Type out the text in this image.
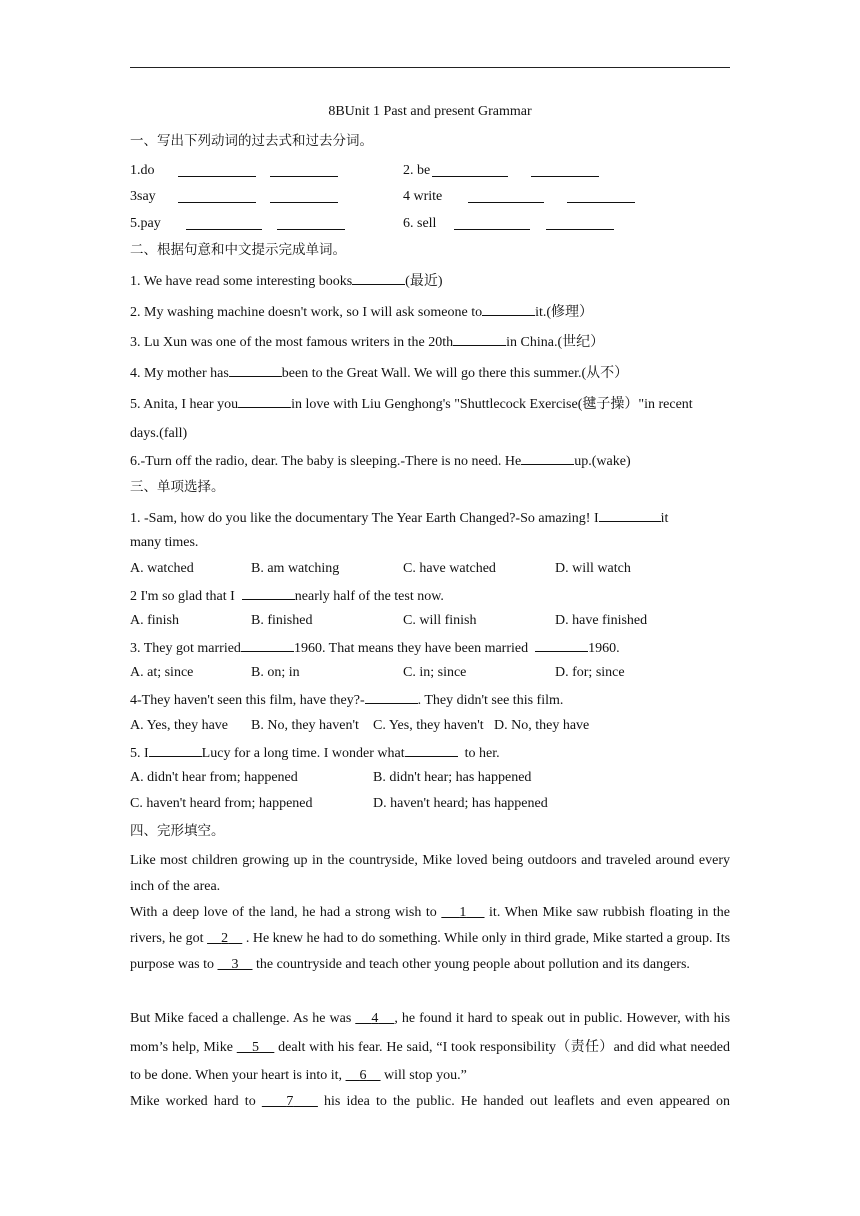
8BUnit 1 Past and present Grammar
一、写出下列动词的过去式和过去分词。
1.do	2. be
3say	4 write
5.pay	6. sell
二、根据句意和中文提示完成单词。
1. We have read some interesting books	(最近)
2. My washing machine doesn't work, so I will ask someone to	it.(修理）
3. Lu Xun was one of the most famous writers in the 20th	in China.(世纪）
4. My mother has	been to the Great Wall. We will go there this summer.(从不）
5. Anita, I hear you	in love with Liu Genghong's "Shuttlecock Exercise(毽子操）"in recent
days.(fall)
6.-Turn off the radio, dear. The baby is sleeping.-There is no need. He	up.(wake)
三、单项选择。
1. -Sam, how do you like the documentary The Year Earth Changed?-So amazing! I	it
many times.
A. watched	B. am watching	C. have watched	D. will watch
2 I'm so glad that I	nearly half of the test now.
A. finish	B. finished	C. will finish	D. have finished
3. They got married	1960. That means they have been married	1960.
A. at; since	B. on; in	C. in; since	D. for; since
4-They haven't seen this film, have they?-	. They didn't see this film.
A. Yes, they have B. No, they haven't C. Yes, they haven't D. No, they have
5. I	Lucy for a long time. I wonder what	to her.
A. didn't hear from; happened	B. didn't hear; has happened
C. haven't heard from; happened	D. haven't heard; has happened
四、完形填空。
Like most children growing up in the countryside, Mike loved being outdoors and traveled around every inch of the area.
With a deep love of the land, he had a strong wish to 1 it. When Mike saw rubbish floating in the rivers, he got 2 . He knew he had to do something. While only in third grade, Mike started a group. Its purpose was to 3 the countryside and teach other young people about pollution and its dangers.
But Mike faced a challenge. As he was 4 , he found it hard to speak out in public. However, with his mom’s help, Mike 5 dealt with his fear. He said, “I took responsibility（责任）and did what needed to be done. When your heart is into it, 6 will stop you.”
Mike worked hard to 7 his idea to the public. He handed out leaflets and even appeared on
